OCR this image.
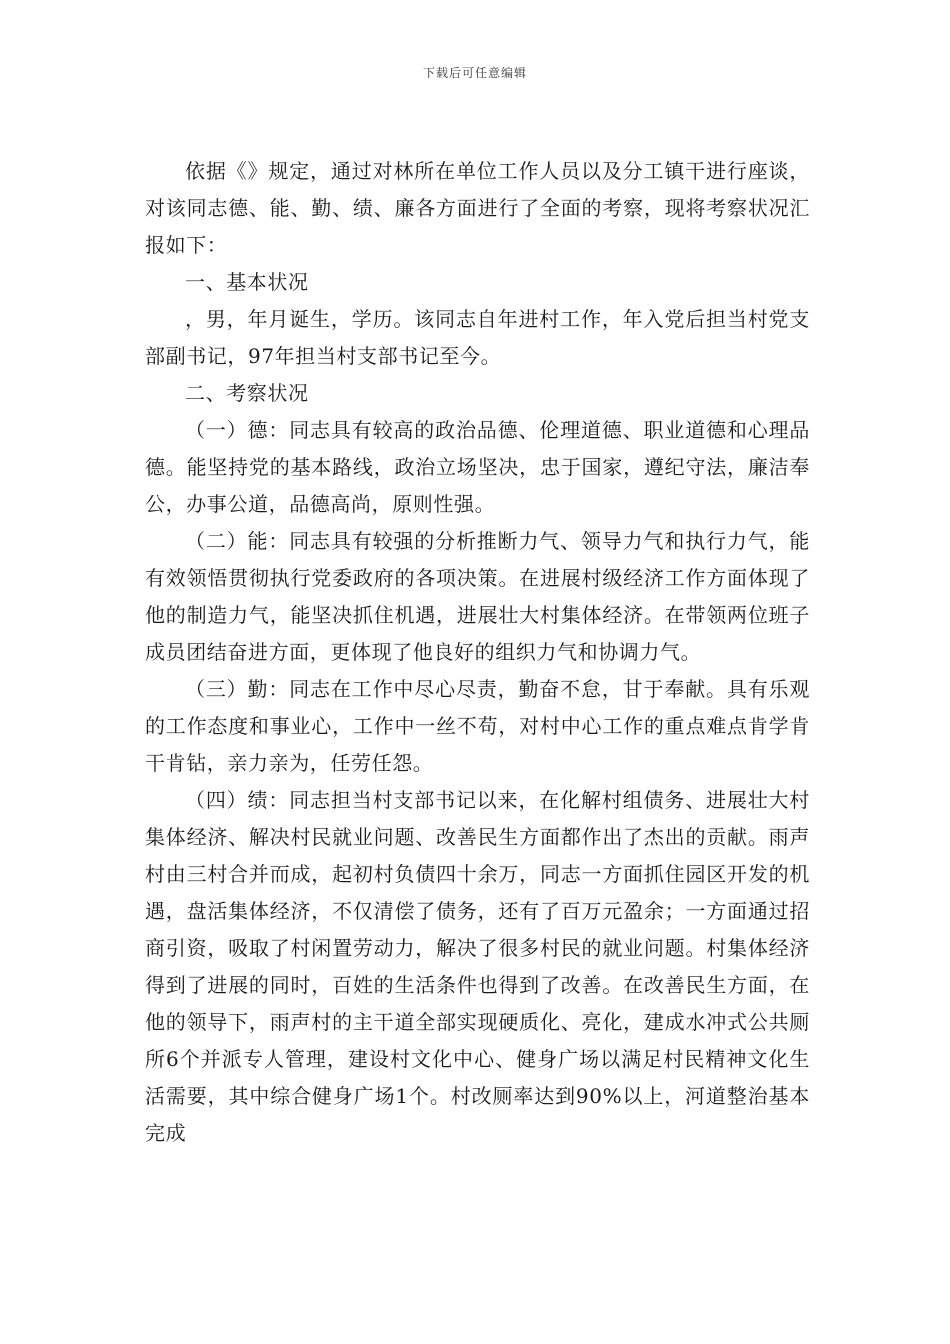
下载后可任意编辑

依据《》规定，通过对林所在单位工作人员以及分工镇干进行座谈，对该同志德、能、勤、绩、廉各方面进行了全面的考察，现将考察状况汇报如下：

一、基本状况

，男，年月诞生，学历。该同志自年进村工作，年入党后担当村党支部副书记，97年担当村支部书记至今。

二、考察状况

（一）德：同志具有较高的政治品德、伦理道德、职业道德和心理品德。能坚持党的基本路线，政治立场坚决，忠于国家，遵纪守法，廉洁奉公，办事公道，品德高尚，原则性强。

（二）能：同志具有较强的分析推断力气、领导力气和执行力气，能有效领悟贯彻执行党委政府的各项决策。在进展村级经济工作方面体现了他的制造力气，能坚决抓住机遇，进展壮大村集体经济。在带领两位班子成员团结奋进方面，更体现了他良好的组织力气和协调力气。

（三）勤：同志在工作中尽心尽责，勤奋不怠，甘于奉献。具有乐观的工作态度和事业心，工作中一丝不苟，对村中心工作的重点难点肯学肯干肯钻，亲力亲为，任劳任怨。

（四）绩：同志担当村支部书记以来，在化解村组债务、进展壮大村集体经济、解决村民就业问题、改善民生方面都作出了杰出的贡献。雨声村由三村合并而成，起初村负债四十余万，同志一方面抓住园区开发的机遇，盘活集体经济，不仅清偿了债务，还有了百万元盈余；一方面通过招商引资，吸取了村闲置劳动力，解决了很多村民的就业问题。村集体经济得到了进展的同时，百姓的生活条件也得到了改善。在改善民生方面，在他的领导下，雨声村的主干道全部实现硬质化、亮化，建成水冲式公共厕所6个并派专人管理，建设村文化中心、健身广场以满足村民精神文化生活需要，其中综合健身广场1个。村改厕率达到90%以上，河道整治基本完成
